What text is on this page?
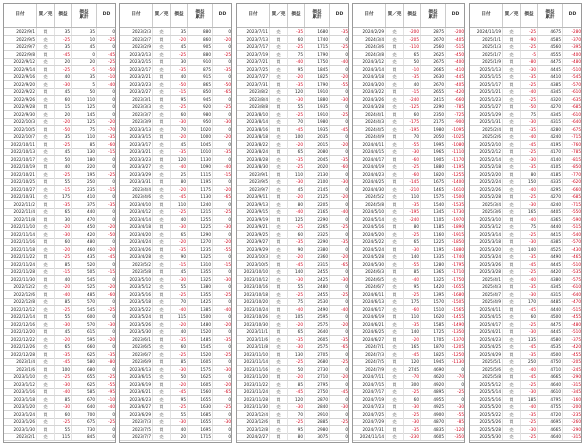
日付	買／売	損益	損益
累計	DD
2022/9/1	買	35	35	0
2022/9/5	売	-25	10	-25
2022/9/7	売	35	45	0
2022/9/8	買	-45	0	-45
2022/9/12	売	20	20	-25
2022/9/14	買	-25	-5	-50
2022/9/16	売	40	35	-10
2022/9/20	売	-30	5	-40
2022/9/22	買	45	50	0
2022/9/26	売	60	110	0
2022/9/28	買	15	125	0
2022/9/30	売	20	145	0
2022/10/3	売	-20	125	-20
2022/10/5	買	-50	75	-70
2022/10/7	売	35	110	-35
2022/10/11	買	-25	85	-60
2022/10/13	売	45	130	-15
2022/10/17	売	50	180	0
2022/10/19	買	40	220	0
2022/10/21	売	-25	195	-25
2022/10/25	買	55	250	0
2022/10/27	売	-15	235	-15
2022/10/31	売	175	410	0
2022/11/2	買	-35	375	-35
2022/11/4	売	65	440	0
2022/11/8	買	30	470	0
2022/11/10	売	-20	450	-20
2022/11/14	売	-30	420	-50
2022/11/16	買	60	480	0
2022/11/18	売	-20	460	-20
2022/11/22	買	-25	435	-45
2022/11/24	売	85	520	0
2022/11/28	売	-15	505	-15
2022/11/30	買	40	545	0
2022/12/2	売	-20	525	-20
2022/12/6	買	-40	485	-60
2022/12/8	売	85	570	0
2022/12/12	売	-25	545	-25
2022/12/14	買	55	600	0
2022/12/16	売	-30	570	-30
2022/12/20	買	45	615	0
2022/12/22	売	-20	595	-20
2022/12/26	売	65	660	0
2022/12/28	買	-35	625	-35
2023/1/4	売	-45	580	-80
2023/1/6	買	100	680	0
2023/1/10	売	-25	655	-25
2023/1/12	売	-30	625	-55
2023/1/16	買	-40	585	-95
2023/1/18	売	85	670	-10
2023/1/20	売	-30	640	-40
2023/1/24	買	60	700	0
2023/1/26	売	-25	675	-25
2023/1/30	買	55	730	0
2023/2/1	売	115	845	0
日付	買／売	損益	損益
累計	DD
2023/2/3	売	35	880	0
2023/2/7	買	-20	860	-20
2023/2/9	売	45	905	0
2023/2/13	売	-25	880	-25
2023/2/15	買	30	910	0
2023/2/17	売	-35	875	-35
2023/2/21	買	40	915	0
2023/2/23	売	-50	865	-50
2023/2/27	売	-15	850	-65
2023/3/1	買	95	945	0
2023/3/3	売	-25	920	-25
2023/3/7	売	60	980	0
2023/3/9	買	-30	950	-30
2023/3/13	売	70	1020	0
2023/3/15	買	-20	1000	-20
2023/3/17	売	45	1045	0
2023/3/21	売	-35	1010	-35
2023/3/23	買	120	1130	0
2023/3/27	売	-40	1090	-40
2023/3/29	売	25	1115	-15
2023/3/31	買	80	1195	0
2023/4/4	売	-20	1175	-20
2023/4/6	売	-45	1130	-65
2023/4/10	買	110	1240	0
2023/4/12	売	-25	1215	-25
2023/4/14	売	40	1255	0
2023/4/18	買	-30	1225	-30
2023/4/20	売	65	1290	0
2023/4/24	売	-20	1270	-20
2023/4/26	買	-35	1235	-55
2023/4/28	売	90	1325	0
2023/5/2	売	-15	1310	-15
2023/5/8	買	45	1355	0
2023/5/10	売	-30	1325	-30
2023/5/12	売	55	1380	0
2023/5/16	買	-25	1355	-25
2023/5/18	売	70	1425	0
2023/5/22	売	-40	1385	-40
2023/5/24	買	115	1500	0
2023/5/26	売	-20	1480	-20
2023/5/30	売	40	1520	0
2023/6/1	買	-35	1485	-35
2023/6/5	売	60	1545	0
2023/6/7	売	-25	1520	-25
2023/6/9	買	85	1605	0
2023/6/13	売	-30	1575	-30
2023/6/15	売	50	1625	0
2023/6/19	買	-20	1605	-20
2023/6/21	売	-45	1560	-65
2023/6/23	売	95	1655	0
2023/6/27	買	-25	1630	-25
2023/6/29	売	55	1685	0
2023/7/3	売	-30	1655	-30
2023/7/5	買	40	1695	0
2023/7/7	売	20	1715	0
日付	買／売	損益	損益
累計	DD
2023/7/11	売	-35	1680	-35
2023/7/13	買	60	1740	0
2023/7/17	売	-25	1715	-25
2023/7/19	売	75	1790	0
2023/7/21	買	-40	1750	-40
2023/7/25	売	95	1845	0
2023/7/27	売	-20	1825	-20
2023/7/31	買	-35	1790	-55
2023/8/2	売	120	1910	0
2023/8/4	売	-30	1880	-30
2023/8/8	買	55	1935	0
2023/8/10	売	-25	1910	-25
2023/8/14	売	70	1980	0
2023/8/16	買	-45	1935	-45
2023/8/18	売	100	2035	0
2023/8/22	売	-20	2015	-20
2023/8/24	買	65	2080	0
2023/8/28	売	-35	2045	-35
2023/8/30	売	-25	2020	-60
2023/9/1	買	110	2130	0
2023/9/5	売	-30	2100	-30
2023/9/7	売	45	2145	0
2023/9/11	買	-20	2125	-20
2023/9/13	売	80	2205	0
2023/9/15	売	-40	2165	-40
2023/9/19	買	125	2290	0
2023/9/21	売	-25	2265	-25
2023/9/25	売	60	2325	0
2023/9/27	買	-35	2290	-35
2023/9/29	売	90	2380	0
2023/10/3	売	-20	2360	-20
2023/10/5	買	-45	2315	-65
2023/10/10	売	140	2455	0
2023/10/12	売	-30	2425	-30
2023/10/16	買	55	2480	0
2023/10/18	売	-25	2455	-25
2023/10/20	売	75	2530	0
2023/10/24	買	-40	2490	-40
2023/10/26	売	105	2595	0
2023/10/30	売	-20	2575	-20
2023/11/1	買	65	2640	0
2023/11/6	売	-35	2605	-35
2023/11/8	売	-30	2575	-65
2023/11/10	買	130	2705	0
2023/11/14	売	-25	2680	-25
2023/11/16	売	50	2730	0
2023/11/20	買	-20	2710	-20
2023/11/22	売	85	2795	0
2023/11/24	売	-45	2750	-45
2023/11/28	買	120	2870	0
2023/11/30	売	-30	2840	-30
2023/12/4	売	70	2910	0
2023/12/6	買	-25	2885	-25
2023/12/8	売	95	2980	0
2024/2/27	買	80	3075	0
日付	買／売	損益	損益
累計	DD
2024/2/29	売	-200	2875	-200
2024/3/4	売	-205	2670	-405
2024/3/6	買	-110	2560	-515
2024/3/8	売	65	2625	-450
2024/3/12	売	50	2675	-400
2024/3/14	買	-10	2665	-410
2024/3/18	売	-35	2630	-445
2024/3/20	売	40	2670	-405
2024/3/22	買	-15	2655	-420
2024/3/26	売	-240	2415	-660
2024/3/28	売	-125	2290	-785
2024/4/1	買	60	2350	-725
2024/4/3	売	-175	2175	-900
2024/4/5	売	-195	1980	-1095
2024/4/9	買	70	2050	-1025
2024/4/11	売	-55	1995	-1080
2024/4/15	売	-30	1965	-1110
2024/4/17	買	-60	1905	-1170
2024/4/19	売	-25	1880	-1195
2024/4/23	売	-60	1820	-1255
2024/4/25	買	-145	1675	-1400
2024/4/30	売	-210	1465	-1610
2024/5/2	売	110	1575	-1500
2024/5/8	買	-35	1540	-1535
2024/5/10	売	-195	1345	-1730
2024/5/14	売	-240	1105	-1970
2024/5/16	買	80	1185	-1890
2024/5/20	売	-25	1160	-1915
2024/5/22	売	65	1225	-1850
2024/5/24	買	-30	1195	-1880
2024/5/28	売	140	1335	-1740
2024/5/30	売	-55	1280	-1795
2024/6/3	買	85	1365	-1710
2024/6/5	売	-40	1325	-1750
2024/6/7	売	95	1420	-1655
2024/6/11	買	-25	1395	-1680
2024/6/13	売	175	1570	-1505
2024/6/17	売	-60	1510	-1565
2024/6/19	買	110	1620	-1455
2024/6/21	売	-35	1585	-1490
2024/6/25	売	140	1725	-1350
2024/6/27	買	-20	1705	-1370
2024/7/1	売	165	1870	-1205
2024/7/3	売	-45	1825	-1250
2024/7/5	買	120	1945	-1130
2024/7/9	売	2745	4690	0
2024/7/11	売	-70	4620	-70
2024/7/15	買	300	4920	0
2024/7/17	売	-25	4895	-25
2024/7/19	売	60	4955	0
2024/7/23	買	-30	4925	-30
2024/7/25	売	-25	4900	-55
2024/7/29	売	-30	4870	-85
2024/7/31	買	-35	4835	-120
2024/11/14	売	-230	4605	-350
日付	買／売	損益	損益
累計	DD
2024/11/19	売	-25	4675	-280
2025/1/1	買	-90	4585	-370
2025/1/3	売	-25	4560	-395
2025/1/7	売	-5	4555	-400
2025/1/9	買	-80	4475	-480
2025/1/13	売	-30	4445	-510
2025/1/15	売	-35	4410	-545
2025/1/17	買	-25	4385	-570
2025/1/21	売	-40	4345	-610
2025/1/23	売	-25	4320	-635
2025/1/27	買	-50	4270	-685
2025/1/29	売	75	4345	-610
2025/1/31	売	-30	4315	-640
2025/2/4	買	-35	4280	-675
2025/2/6	売	-40	4240	-715
2025/2/10	売	-45	4195	-760
2025/2/12	買	-25	4170	-785
2025/2/14	売	-30	4140	-815
2025/2/18	売	-35	4105	-850
2025/2/20	買	80	4185	-770
2025/2/24	売	150	4335	-620
2025/2/26	売	-40	4295	-660
2025/2/28	買	-25	4270	-685
2025/3/4	売	-30	4240	-715
2025/3/6	売	165	4405	-550
2025/3/10	買	-40	4365	-590
2025/3/12	売	75	4440	-515
2025/3/14	売	-25	4415	-540
2025/3/18	買	-30	4385	-570
2025/3/20	売	140	4525	-430
2025/3/24	売	-35	4490	-465
2025/3/26	買	-45	4445	-510
2025/3/28	売	-25	4420	-535
2025/4/1	売	-40	4380	-575
2025/4/3	買	-35	4345	-610
2025/4/7	売	-30	4315	-640
2025/4/9	売	170	4485	-470
2025/4/11	買	-45	4440	-515
2025/4/15	売	60	4500	-455
2025/4/17	売	-25	4475	-480
2025/4/21	買	-30	4445	-510
2025/4/23	売	135	4580	-375
2025/4/25	売	-45	4535	-420
2025/4/29	買	-35	4500	-455
2025/5/1	売	250	4750	-205
2025/5/6	売	-40	4710	-245
2025/5/8	買	-45	4665	-290
2025/5/12	売	-25	4640	-315
2025/5/14	売	-30	4610	-345
2025/5/16	買	185	4795	-160
2025/5/20	売	-40	4755	-200
2025/5/22	売	-35	4720	-235
2025/5/26	買	-25	4695	-260
2025/5/28	売	-30	4665	-290
2025/5/30	売	-25	4640	-315
